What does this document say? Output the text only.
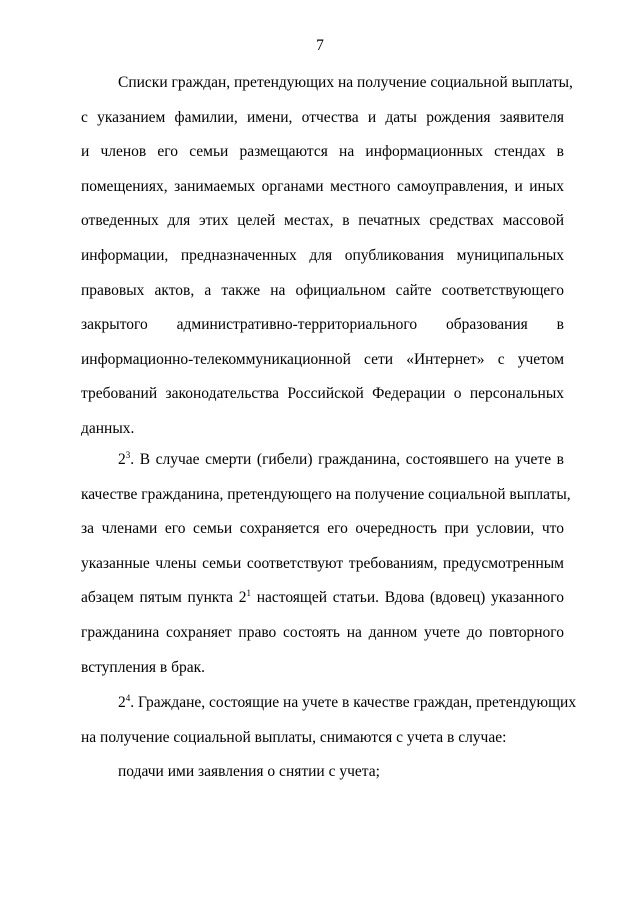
7
Списки граждан, претендующих на получение социальной выплаты,
с указанием фамилии, имени, отчества и даты рождения заявителя
и членов его семьи размещаются на информационных стендах в
помещениях, занимаемых органами местного самоуправления, и иных
отведенных для этих целей местах, в печатных средствах массовой
информации, предназначенных для опубликования муниципальных
правовых актов, а также на официальном сайте соответствующего
закрытого административно-территориального образования в
информационно-телекоммуникационной сети «Интернет» с учетом
требований законодательства Российской Федерации о персональных
данных.
$2^3$. В случае смерти (гибели) гражданина, состоявшего на учете в
качестве гражданина, претендующего на получение социальной выплаты,
за членами его семьи сохраняется его очередность при условии, что
указанные члены семьи соответствуют требованиям, предусмотренным
абзацем пятым пункта $2^1$ настоящей статьи. Вдова (вдовец) указанного
гражданина сохраняет право состоять на данном учете до повторного
вступления в брак.
$2^4$. Граждане, состоящие на учете в качестве граждан, претендующих
на получение социальной выплаты, снимаются с учета в случае:
подачи ими заявления о снятии с учета;
